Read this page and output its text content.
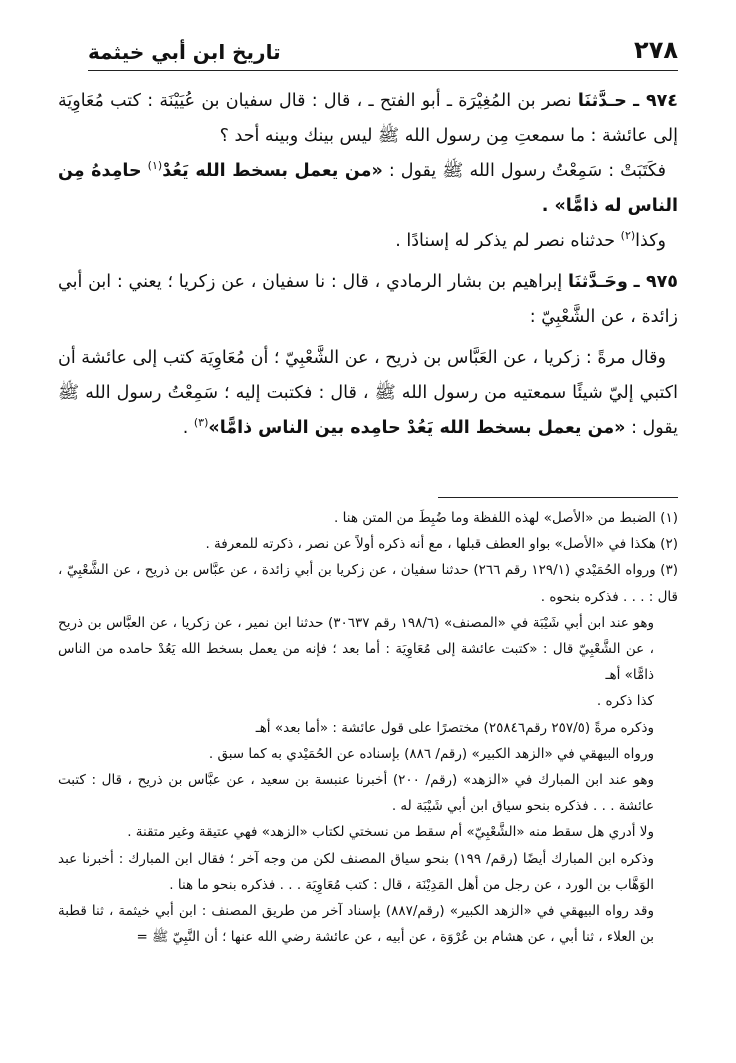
٢٧٨
تاريخ ابن أبي خيثمة

٩٧٤ ـ حـدَّثنَا نصر بن المُغِيْرَة ـ أبو الفتح ـ ، قال : قال سفيان بن عُيَيْنَة : كتب مُعَاوِيَة إلى عائشة : ما سمعتِ مِن رسول الله ﷺ ليس بينك وبينه أحد ؟

فكَتَبَتْ : سَمِعْتُ رسول الله ﷺ يقول : «من يعمل بسخط الله يَعُدْ$^{(١)}$ حامِدهُ مِن الناس له ذامًّا» .

وكذا$^{(٢)}$ حدثناه نصر لم يذكر له إسنادًا .

٩٧٥ ـ وحَـدَّثنَا إبراهيم بن بشار الرمادي ، قال : نا سفيان ، عن زكريا ؛ يعني : ابن أبي زائدة ، عن الشَّعْبِيّ :

وقال مرةً : زكريا ، عن العَبَّاس بن ذريح ، عن الشَّعْبِيّ ؛ أن مُعَاوِيَة كتب إلى عائشة أن اكتبي إليّ شيئًا سمعتيه من رسول الله ﷺ ، قال : فكتبت إليه ؛ سَمِعْتُ رسول الله ﷺ يقول : «من يعمل بسخط الله يَعُدْ حامِده بين الناس ذامًّا»$^{(٣)}$ .

(١) الضبط من «الأصل» لهذه اللفظة وما ضُبِطَ من المتن هنا .

(٢) هكذا في «الأصل» بواو العطف قبلها ، مع أنه ذكره أولاً عن نصر ، ذكرته للمعرفة .

(٣) ورواه الحُمَيْدي (١٢٩/١ رقم ٢٦٦) حدثنا سفيان ، عن زكريا بن أبي زائدة ، عن عبَّاس بن ذريح ، عن الشَّعْبِيّ ، قال : . . . فذكره بنحوه .

وهو عند ابن أبي شَيْبَة في «المصنف» (١٩٨/٦ رقم ٣٠٦٣٧) حدثنا ابن نمير ، عن زكريا ، عن العبَّاس بن ذريح ، عن الشَّعْبِيّ قال : «كتبت عائشة إلى مُعَاوِيَة : أما بعد ؛ فإنه من يعمل بسخط الله يَعُدْ حامده من الناس ذامًّا» أهـ

كذا ذكره .

وذكره مرةً (٢٥٧/٥ رقم٢٥٨٤٦) مختصرًا على قول عائشة : «أما بعد» أهـ

ورواه البيهقي في «الزهد الكبير» (رقم/ ٨٨٦) بإسناده عن الحُمَيْدي به كما سبق .

وهو عند ابن المبارك في «الزهد» (رقم/ ٢٠٠) أخبرنا عنبسة بن سعيد ، عن عبَّاس بن ذريح ، قال : كتبت عائشة . . . فذكره بنحو سياق ابن أبي شَيْبَة له .

ولا أدري هل سقط منه «الشَّعْبِيّ» أم سقط من نسختي لكتاب «الزهد» فهي عتيقة وغير متقنة .

وذكره ابن المبارك أيضًا (رقم/ ١٩٩) بنحو سياق المصنف لكن من وجه آخر ؛ فقال ابن المبارك : أخبرنا عبد الوَهَّاب بن الورد ، عن رجل من أهل المَدِيْنَة ، قال : كتب مُعَاوِيَة . . . فذكره بنحو ما هنا .

وقد رواه البيهقي في «الزهد الكبير» (رقم/٨٨٧) بإسناد آخر من طريق المصنف : ابن أبي خيثمة ، ثنا قطبة بن العلاء ، ثنا أبي ، عن هشام بن عُرْوَة ، عن أبيه ، عن عائشة رضي الله عنها ؛ أن النَّبِيّ ﷺ =
